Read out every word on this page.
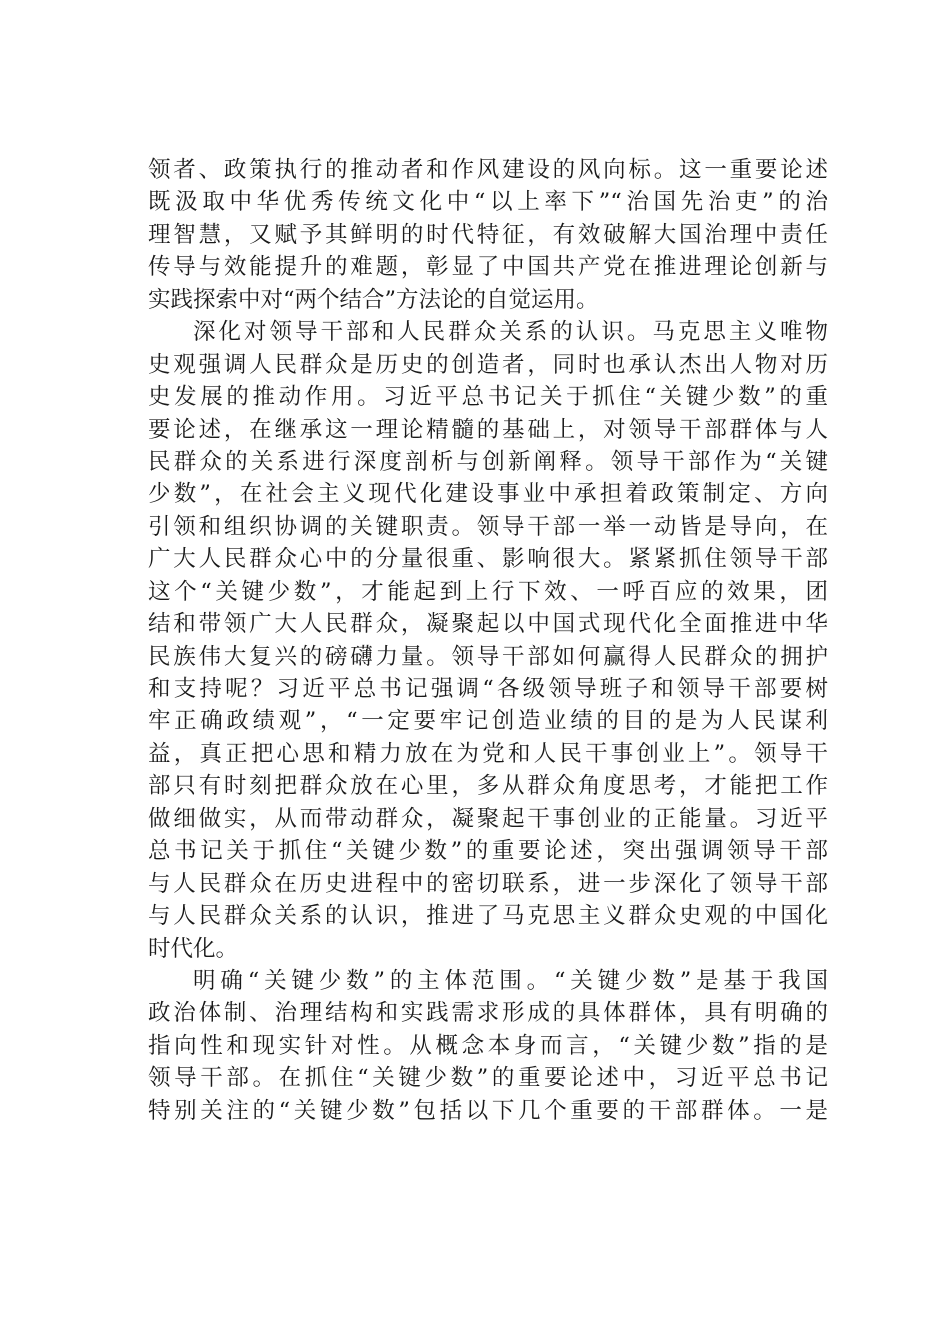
领者、政策执行的推动者和作风建设的风向标。这一重要论述
既汲取中华优秀传统文化中“以上率下”“治国先治吏”的治
理智慧，又赋予其鲜明的时代特征，有效破解大国治理中责任
传导与效能提升的难题，彰显了中国共产党在推进理论创新与
实践探索中对“两个结合”方法论的自觉运用。
深化对领导干部和人民群众关系的认识。马克思主义唯物
史观强调人民群众是历史的创造者，同时也承认杰出人物对历
史发展的推动作用。习近平总书记关于抓住“关键少数”的重
要论述，在继承这一理论精髓的基础上，对领导干部群体与人
民群众的关系进行深度剖析与创新阐释。领导干部作为“关键
少数”，在社会主义现代化建设事业中承担着政策制定、方向
引领和组织协调的关键职责。领导干部一举一动皆是导向，在
广大人民群众心中的分量很重、影响很大。紧紧抓住领导干部
这个“关键少数”，才能起到上行下效、一呼百应的效果，团
结和带领广大人民群众，凝聚起以中国式现代化全面推进中华
民族伟大复兴的磅礴力量。领导干部如何赢得人民群众的拥护
和支持呢？习近平总书记强调“各级领导班子和领导干部要树
牢正确政绩观”，“一定要牢记创造业绩的目的是为人民谋利
益，真正把心思和精力放在为党和人民干事创业上”。领导干
部只有时刻把群众放在心里，多从群众角度思考，才能把工作
做细做实，从而带动群众，凝聚起干事创业的正能量。习近平
总书记关于抓住“关键少数”的重要论述，突出强调领导干部
与人民群众在历史进程中的密切联系，进一步深化了领导干部
与人民群众关系的认识，推进了马克思主义群众史观的中国化
时代化。
明确“关键少数”的主体范围。“关键少数”是基于我国
政治体制、治理结构和实践需求形成的具体群体，具有明确的
指向性和现实针对性。从概念本身而言，“关键少数”指的是
领导干部。在抓住“关键少数”的重要论述中，习近平总书记
特别关注的“关键少数”包括以下几个重要的干部群体。一是
